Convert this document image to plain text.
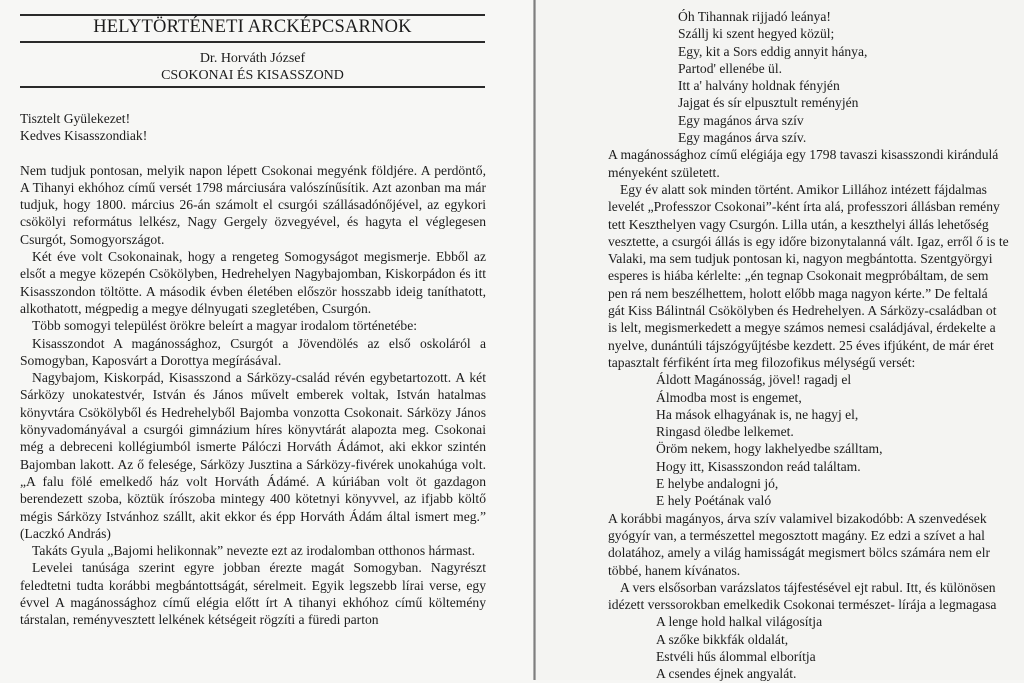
HELYTÖRTÉNETI ARCKÉPCSARNOK
Dr. Horváth József
CSOKONAI ÉS KISASSZOND

Tisztelt Gyülekezet!

Kedves Kisasszondiak!

Nem tudjuk pontosan, melyik napon lépett Csokonai megyénk földjére. A perdöntő, A Tihanyi ekhóhoz című versét 1798 márciusára valószínűsítik. Azt azonban ma már tudjuk, hogy 1800. március 26-án számolt el csurgói szállásadónőjével, az egykori csökölyi református lelkész, Nagy Gergely özvegyével, és hagyta el véglegesen Csurgót, Somogyországot.

Két éve volt Csokonainak, hogy a rengeteg Somogyságot megismerje. Ebből az elsőt a megye közepén Csökölyben, Hedrehelyen Nagybajomban, Kiskorpádon és itt Kisasszondon töltötte. A második évben életében először hosszabb ideig taníthatott, alkothatott, mégpedig a megye délnyugati szegletében, Csurgón.

Több somogyi települést örökre beleírt a magyar irodalom történetébe:

Kisasszondot A magánossághoz, Csurgót a Jövendölés az első oskoláról a Somogyban, Kaposvárt a Dorottya megírásával.

Nagybajom, Kiskorpád, Kisasszond a Sárközy-család révén egybetartozott. A két Sárközy unokatestvér, István és János művelt emberek voltak, István hatalmas könyvtára Csökölyből és Hedrehelyből Bajomba vonzotta Csokonait. Sárközy János könyvadományával a csurgói gimnázium híres könyvtárát alapozta meg. Csokonai még a debreceni kollégiumból ismerte Pálóczi Horváth Ádámot, aki ekkor szintén Bajomban lakott. Az ő felesége, Sárközy Jusztina a Sárközy-fivérek unokahúga volt. „A falu fölé emelkedő ház volt Horváth Ádámé. A kúriában volt öt gazdagon berendezett szoba, köztük írószoba mintegy 400 kötetnyi könyvvel, az ifjabb költő mégis Sárközy Istvánhoz szállt, akit ekkor és épp Horváth Ádám által ismert meg.” (Laczkó András)

Takáts Gyula „Bajomi helikonnak” nevezte ezt az irodalomban otthonos hármast.

Levelei tanúsága szerint egyre jobban érezte magát Somogyban. Nagyrészt feledtetni tudta korábbi megbántottságát, sérelmeit. Egyik legszebb lírai verse, egy évvel A magánossághoz című elégia előtt írt A tihanyi ekhóhoz című költemény társtalan, reményvesztett lelkének kétségeit rögzíti a füredi parton

Óh Tihannak rijjadó leánya!
Szállj ki szent hegyed közül;
Egy, kit a Sors eddig annyit hánya,
Partod' ellenébe ül.
Itt a' halvány holdnak fényjén
Jajgat és sír elpusztult reményjén
Egy magános árva szív
Egy magános árva szív.

A magánossághoz című elégiája egy 1798 tavaszi kisasszondi kirándulá

ményeként született.

Egy év alatt sok minden történt. Amikor Lillához intézett fájdalmas

levelét „Professzor Csokonai”-ként írta alá, professzori állásban remény

tett Keszthelyen vagy Csurgón. Lilla után, a keszthelyi állás lehetőség

vesztette, a csurgói állás is egy időre bizonytalanná vált. Igaz, erről ő is te

Valaki, ma sem tudjuk pontosan ki, nagyon megbántotta. Szentgyörgyi

esperes is hiába kérlelte: „én tegnap Csokonait megpróbáltam, de sem

pen rá nem beszélhettem, holott előbb maga nagyon kérte.” De feltalá

gát Kiss Bálintnál Csökölyben és Hedrehelyen. A Sárközy-családban ot

is lelt, megismerkedett a megye számos nemesi családjával, érdekelte a

nyelve, dunántúli tájszógyűjtésbe kezdett. 25 éves ifjúként, de már éret

tapasztalt férfiként írta meg filozofikus mélységű versét:

Áldott Magánosság, jövel! ragadj el
Álmodba most is engemet,
Ha mások elhagyának is, ne hagyj el,
Ringasd öledbe lelkemet.
Öröm nekem, hogy lakhelyedbe szálltam,
Hogy itt, Kisasszondon reád találtam.
E helybe andalogni jó,
E hely Poétának való

A korábbi magányos, árva szív valamivel bizakodóbb: A szenvedések

gyógyír van, a természettel megosztott magány. Ez edzi a szívet a hal

dolatához, amely a világ hamisságát megismert bölcs számára nem elr

többé, hanem kívánatos.

A vers elsősorban varázslatos tájfestésével ejt rabul. Itt, és különösen

idézett verssorokban emelkedik Csokonai természet- lírája a legmagasa

A lenge hold halkal világosítja
A szőke bikkfák oldalát,
Estvéli hűs álommal elborítja
A csendes éjnek angyalát.
